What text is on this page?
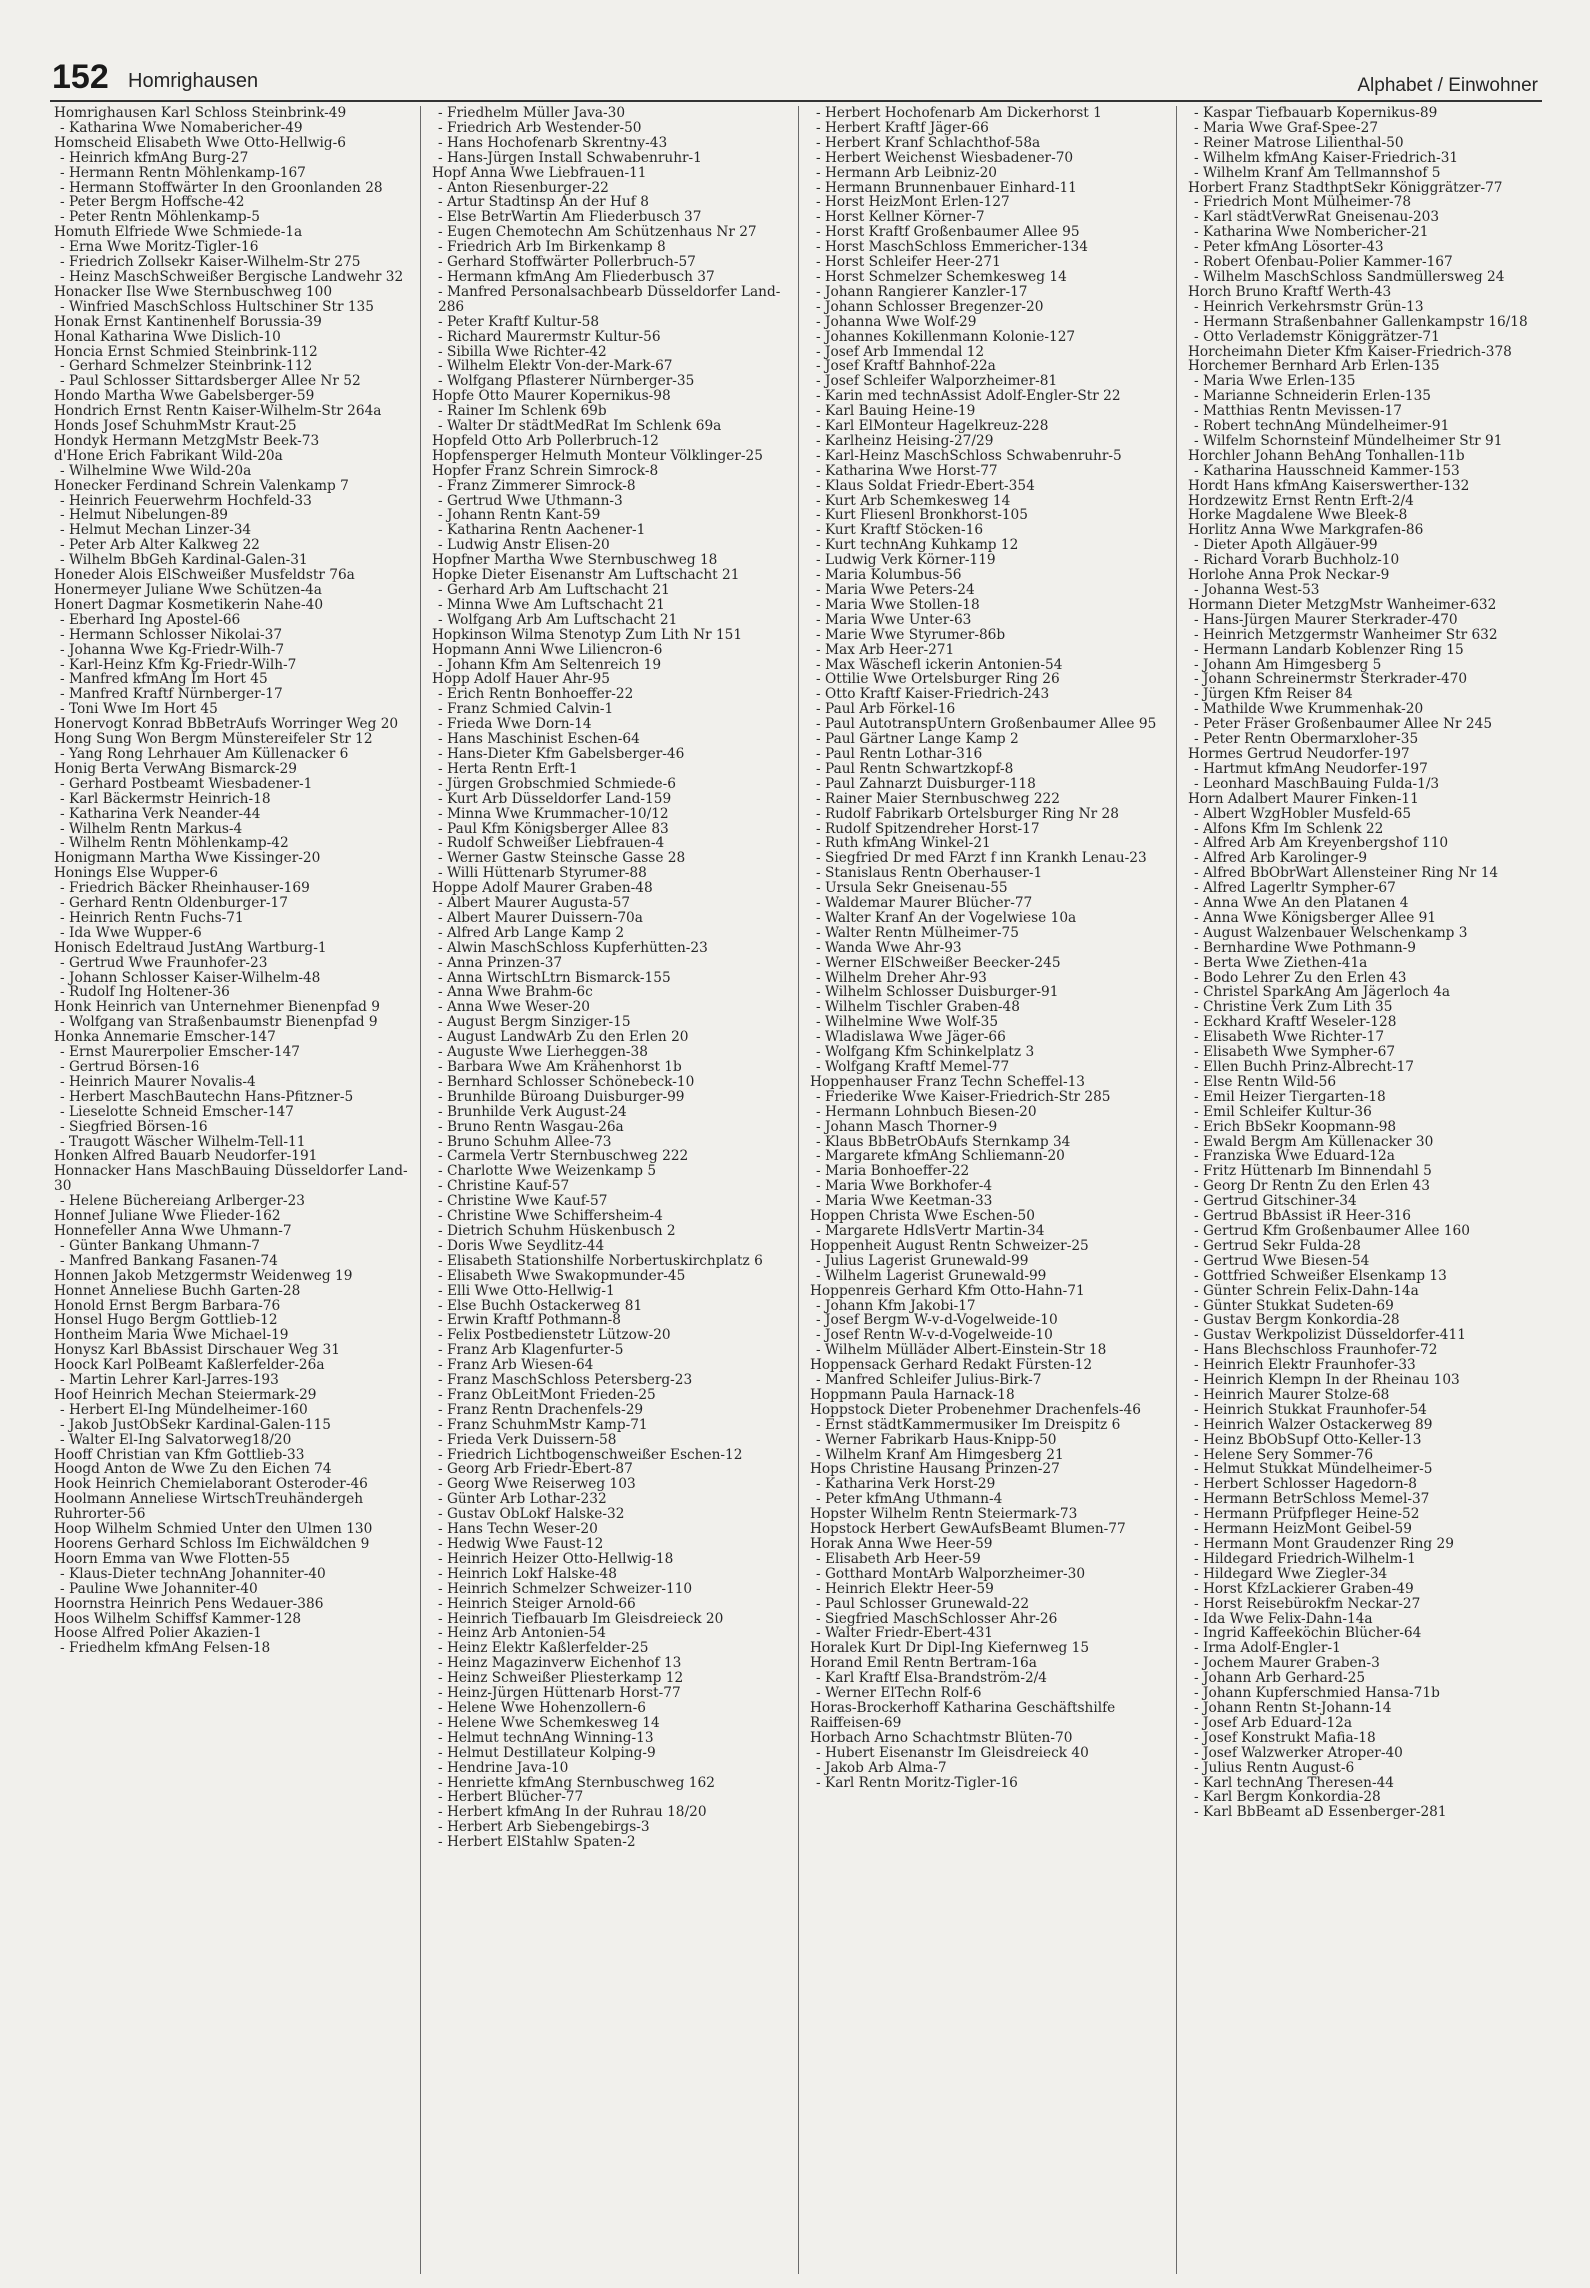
152 Homrighausen	Alphabet / Einwohner
Homrighausen Karl Schloss Steinbrink-49
- Katharina Wwe Nomabericher-49
Homscheid Elisabeth Wwe Otto-Hellwig-6
- Heinrich kfmAng Burg-27
- Hermann Rentn Möhlenkamp-167
- Hermann Stoffwärter In den Groonlanden 28
- Peter Bergm Hoffsche-42
- Peter Rentn Möhlenkamp-5
Homuth Elfriede Wwe Schmiede-1a
- Erna Wwe Moritz-Tigler-16
- Friedrich Zollsekr Kaiser-Wilhelm-Str 275
- Heinz MaschSchweißer Bergische Landwehr 32
Honacker Ilse Wwe Sternbuschweg 100
- Winfried MaschSchloss Hultschiner Str 135
Honak Ernst Kantinenhelf Borussia-39
Honal Katharina Wwe Dislich-10
Honcia Ernst Schmied Steinbrink-112
- Gerhard Schmelzer Steinbrink-112
- Paul Schlosser Sittardsberger Allee Nr 52
Hondo Martha Wwe Gabelsberger-59
Hondrich Ernst Rentn Kaiser-Wilhelm-Str 264a
Honds Josef SchuhmMstr Kraut-25
Hondyk Hermann MetzgMstr Beek-73
d'Hone Erich Fabrikant Wild-20a
- Wilhelmine Wwe Wild-20a
Honecker Ferdinand Schrein Valenkamp 7
- Heinrich Feuerwehrm Hochfeld-33
- Helmut Nibelungen-89
- Helmut Mechan Linzer-34
- Peter Arb Alter Kalkweg 22
- Wilhelm BbGeh Kardinal-Galen-31
Honeder Alois ElSchweißer Musfeldstr 76a
Honermeyer Juliane Wwe Schützen-4a
Honert Dagmar Kosmetikerin Nahe-40
- Eberhard Ing Apostel-66
- Hermann Schlosser Nikolai-37
- Johanna Wwe Kg-Friedr-Wilh-7
- Karl-Heinz Kfm Kg-Friedr-Wilh-7
- Manfred kfmAng Im Hort 45
- Manfred Kraftf Nürnberger-17
- Toni Wwe Im Hort 45
Honervogt Konrad BbBetrAufs Worringer Weg 20
Hong Sung Won Bergm Münstereifeler Str 12
- Yang Rong Lehrhauer Am Küllenacker 6
Honig Berta VerwAng Bismarck-29
- Gerhard Postbeamt Wiesbadener-1
- Karl Bäckermstr Heinrich-18
- Katharina Verk Neander-44
- Wilhelm Rentn Markus-4
- Wilhelm Rentn Möhlenkamp-42
Honigmann Martha Wwe Kissinger-20
Honings Else Wupper-6
- Friedrich Bäcker Rheinhauser-169
- Gerhard Rentn Oldenburger-17
- Heinrich Rentn Fuchs-71
- Ida Wwe Wupper-6
Honisch Edeltraud JustAng Wartburg-1
- Gertrud Wwe Fraunhofer-23
- Johann Schlosser Kaiser-Wilhelm-48
- Rudolf Ing Holtener-36
Honk Heinrich van Unternehmer Bienenpfad 9
- Wolfgang van Straßenbaumstr Bienenpfad 9
Honka Annemarie Emscher-147
- Ernst Maurerpolier Emscher-147
- Gertrud Börsen-16
- Heinrich Maurer Novalis-4
- Herbert MaschBautechn Hans-Pfitzner-5
- Lieselotte Schneid Emscher-147
- Siegfried Börsen-16
- Traugott Wäscher Wilhelm-Tell-11
Honken Alfred Bauarb Neudorfer-191
Honnacker Hans MaschBauing Düsseldorfer Land-30
- Helene Büchereiang Arlberger-23
Honnef Juliane Wwe Flieder-162
Honnefeller Anna Wwe Uhmann-7
- Günter Bankang Uhmann-7
- Manfred Bankang Fasanen-74
Honnen Jakob Metzgermstr Weidenweg 19
Honnet Anneliese Buchh Garten-28
Honold Ernst Bergm Barbara-76
Honsel Hugo Bergm Gottlieb-12
Hontheim Maria Wwe Michael-19
Honysz Karl BbAssist Dirschauer Weg 31
Hoock Karl PolBeamt Kaßlerfelder-26a
- Martin Lehrer Karl-Jarres-193
Hoof Heinrich Mechan Steiermark-29
- Herbert El-Ing Mündelheimer-160
- Jakob JustObSekr Kardinal-Galen-115
- Walter El-Ing Salvatorweg18/20
Hooff Christian van Kfm Gottlieb-33
Hoogd Anton de Wwe Zu den Eichen 74
Hook Heinrich Chemielaborant Osteroder-46
Hoolmann Anneliese WirtschTreuhändergeh Ruhrorter-56
Hoop Wilhelm Schmied Unter den Ulmen 130
Hoorens Gerhard Schloss Im Eichwäldchen 9
Hoorn Emma van Wwe Flotten-55
- Klaus-Dieter technAng Johanniter-40
- Pauline Wwe Johanniter-40
Hoornstra Heinrich Pens Wedauer-386
Hoos Wilhelm Schiffsf Kammer-128
Hoose Alfred Polier Akazien-1
- Friedhelm kfmAng Felsen-18
- Friedhelm Müller Java-30
- Friedrich Arb Westender-50
- Hans Hochofenarb Skrentny-43
- Hans-Jürgen Install Schwabenruhr-1
Hopf Anna Wwe Liebfrauen-11
- Anton Riesenburger-22
- Artur Stadtinsp An der Huf 8
- Else BetrWartin Am Fliederbusch 37
- Eugen Chemotechn Am Schützenhaus Nr 27
- Friedrich Arb Im Birkenkamp 8
- Gerhard Stoffwärter Pollerbruch-57
- Hermann kfmAng Am Fliederbusch 37
- Manfred Personalsachbearb Düsseldorfer Land-286
- Peter Kraftf Kultur-58
- Richard Maurermstr Kultur-56
- Sibilla Wwe Richter-42
- Wilhelm Elektr Von-der-Mark-67
- Wolfgang Pflasterer Nürnberger-35
Hopfe Otto Maurer Kopernikus-98
- Rainer Im Schlenk 69b
- Walter Dr städtMedRat Im Schlenk 69a
Hopfeld Otto Arb Pollerbruch-12
Hopfensperger Helmuth Monteur Völklinger-25
Hopfer Franz Schrein Simrock-8
- Franz Zimmerer Simrock-8
- Gertrud Wwe Uthmann-3
- Johann Rentn Kant-59
- Katharina Rentn Aachener-1
- Ludwig Anstr Elisen-20
Hopfner Martha Wwe Sternbuschweg 18
Hopke Dieter Eisenanstr Am Luftschacht 21
- Gerhard Arb Am Luftschacht 21
- Minna Wwe Am Luftschacht 21
- Wolfgang Arb Am Luftschacht 21
Hopkinson Wilma Stenotyp Zum Lith Nr 151
Hopmann Anni Wwe Liliencron-6
- Johann Kfm Am Seltenreich 19
Hopp Adolf Hauer Ahr-95
- Erich Rentn Bonhoeffer-22
- Franz Schmied Calvin-1
- Frieda Wwe Dorn-14
- Hans Maschinist Eschen-64
- Hans-Dieter Kfm Gabelsberger-46
- Herta Rentn Erft-1
- Jürgen Grobschmied Schmiede-6
- Kurt Arb Düsseldorfer Land-159
- Minna Wwe Krummacher-10/12
- Paul Kfm Königsberger Allee 83
- Rudolf Schweißer Liebfrauen-4
- Werner Gastw Steinsche Gasse 28
- Willi Hüttenarb Styrumer-88
Hoppe Adolf Maurer Graben-48
- Albert Maurer Augusta-57
- Albert Maurer Duissern-70a
- Alfred Arb Lange Kamp 2
- Alwin MaschSchloss Kupferhütten-23
- Anna Prinzen-37
- Anna WirtschLtrn Bismarck-155
- Anna Wwe Brahm-6c
- Anna Wwe Weser-20
- August Bergm Sinziger-15
- August LandwArb Zu den Erlen 20
- Auguste Wwe Lierheggen-38
- Barbara Wwe Am Krähenhorst 1b
- Bernhard Schlosser Schönebeck-10
- Brunhilde Büroang Duisburger-99
- Brunhilde Verk August-24
- Bruno Rentn Wasgau-26a
- Bruno Schuhm Allee-73
- Carmela Vertr Sternbuschweg 222
- Charlotte Wwe Weizenkamp 5
- Christine Kauf-57
- Christine Wwe Kauf-57
- Christine Wwe Schiffersheim-4
- Dietrich Schuhm Hüskenbusch 2
- Doris Wwe Seydlitz-44
- Elisabeth Stationshilfe Norbertuskirchplatz 6
- Elisabeth Wwe Swakopmunder-45
- Elli Wwe Otto-Hellwig-1
- Else Buchh Ostackerweg 81
- Erwin Kraftf Pothmann-8
- Felix Postbedienstetr Lützow-20
- Franz Arb Klagenfurter-5
- Franz Arb Wiesen-64
- Franz MaschSchloss Petersberg-23
- Franz ObLeitMont Frieden-25
- Franz Rentn Drachenfels-29
- Franz SchuhmMstr Kamp-71
- Frieda Verk Duissern-58
- Friedrich Lichtbogenschweißer Eschen-12
- Georg Arb Friedr-Ebert-87
- Georg Wwe Reiserweg 103
- Günter Arb Lothar-232
- Gustav ObLokf Halske-32
- Hans Techn Weser-20
- Hedwig Wwe Faust-12
- Heinrich Heizer Otto-Hellwig-18
- Heinrich Lokf Halske-48
- Heinrich Schmelzer Schweizer-110
- Heinrich Steiger Arnold-66
- Heinrich Tiefbauarb Im Gleisdreieck 20
- Heinz Arb Antonien-54
- Heinz Elektr Kaßlerfelder-25
- Heinz Magazinverw Eichenhof 13
- Heinz Schweißer Pliesterkamp 12
- Heinz-Jürgen Hüttenarb Horst-77
- Helene Wwe Hohenzollern-6
- Helene Wwe Schemkesweg 14
- Helmut technAng Winning-13
- Helmut Destillateur Kolping-9
- Hendrine Java-10
- Henriette kfmAng Sternbuschweg 162
- Herbert Blücher-77
- Herbert kfmAng In der Ruhrau 18/20
- Herbert Arb Siebengebirgs-3
- Herbert ElStahlw Spaten-2
- Herbert Hochofenarb Am Dickerhorst 1
- Herbert Kraftf Jäger-66
- Herbert Kranf Schlachthof-58a
- Herbert Weichenst Wiesbadener-70
- Hermann Arb Leibniz-20
- Hermann Brunnenbauer Einhard-11
- Horst HeizMont Erlen-127
- Horst Kellner Körner-7
- Horst Kraftf Großenbaumer Allee 95
- Horst MaschSchloss Emmericher-134
- Horst Schleifer Heer-271
- Horst Schmelzer Schemkesweg 14
- Johann Rangierer Kanzler-17
- Johann Schlosser Bregenzer-20
- Johanna Wwe Wolf-29
- Johannes Kokillenmann Kolonie-127
- Josef Arb Immendal 12
- Josef Kraftf Bahnhof-22a
- Josef Schleifer Walporzheimer-81
- Karin med technAssist Adolf-Engler-Str 22
- Karl Bauing Heine-19
- Karl ElMonteur Hagelkreuz-228
- Karlheinz Heising-27/29
- Karl-Heinz MaschSchloss Schwabenruhr-5
- Katharina Wwe Horst-77
- Klaus Soldat Friedr-Ebert-354
- Kurt Arb Schemkesweg 14
- Kurt Fliesenl Bronkhorst-105
- Kurt Kraftf Stöcken-16
- Kurt technAng Kuhkamp 12
- Ludwig Verk Körner-119
- Maria Kolumbus-56
- Maria Wwe Peters-24
- Maria Wwe Stollen-18
- Maria Wwe Unter-63
- Marie Wwe Styrumer-86b
- Max Arb Heer-271
- Max Wäschefl ickerin Antonien-54
- Ottilie Wwe Ortelsburger Ring 26
- Otto Kraftf Kaiser-Friedrich-243
- Paul Arb Förkel-16
- Paul AutotranspUntern Großenbaumer Allee 95
- Paul Gärtner Lange Kamp 2
- Paul Rentn Lothar-316
- Paul Rentn Schwartzkopf-8
- Paul Zahnarzt Duisburger-118
- Rainer Maier Sternbuschweg 222
- Rudolf Fabrikarb Ortelsburger Ring Nr 28
- Rudolf Spitzendreher Horst-17
- Ruth kfmAng Winkel-21
- Siegfried Dr med FArzt f inn Krankh Lenau-23
- Stanislaus Rentn Oberhauser-1
- Ursula Sekr Gneisenau-55
- Waldemar Maurer Blücher-77
- Walter Kranf An der Vogelwiese 10a
- Walter Rentn Mülheimer-75
- Wanda Wwe Ahr-93
- Werner ElSchweißer Beecker-245
- Wilhelm Dreher Ahr-93
- Wilhelm Schlosser Duisburger-91
- Wilhelm Tischler Graben-48
- Wilhelmine Wwe Wolf-35
- Wladislawa Wwe Jäger-66
- Wolfgang Kfm Schinkelplatz 3
- Wolfgang Kraftf Memel-77
Hoppenhauser Franz Techn Scheffel-13
- Friederike Wwe Kaiser-Friedrich-Str 285
- Hermann Lohnbuch Biesen-20
- Johann Masch Thorner-9
- Klaus BbBetrObAufs Sternkamp 34
- Margarete kfmAng Schliemann-20
- Maria Bonhoeffer-22
- Maria Wwe Borkhofer-4
- Maria Wwe Keetman-33
Hoppen Christa Wwe Eschen-50
- Margarete HdlsVertr Martin-34
Hoppenheit August Rentn Schweizer-25
- Julius Lagerist Grunewald-99
- Wilhelm Lagerist Grunewald-99
Hoppenreis Gerhard Kfm Otto-Hahn-71
- Johann Kfm Jakobi-17
- Josef Bergm W-v-d-Vogelweide-10
- Josef Rentn W-v-d-Vogelweide-10
- Wilhelm Mülläder Albert-Einstein-Str 18
Hoppensack Gerhard Redakt Fürsten-12
- Manfred Schleifer Julius-Birk-7
Hoppmann Paula Harnack-18
Hoppstock Dieter Probenehmer Drachenfels-46
- Ernst städtKammermusiker Im Dreispitz 6
- Werner Fabrikarb Haus-Knipp-50
- Wilhelm Kranf Am Himgesberg 21
Hops Christine Hausang Prinzen-27
- Katharina Verk Horst-29
- Peter kfmAng Uthmann-4
Hopster Wilhelm Rentn Steiermark-73
Hopstock Herbert GewAufsBeamt Blumen-77
Horak Anna Wwe Heer-59
- Elisabeth Arb Heer-59
- Gotthard MontArb Walporzheimer-30
- Heinrich Elektr Heer-59
- Paul Schlosser Grunewald-22
- Siegfried MaschSchlosser Ahr-26
- Walter Friedr-Ebert-431
Horalek Kurt Dr Dipl-Ing Kiefernweg 15
Horand Emil Rentn Bertram-16a
- Karl Kraftf Elsa-Brandström-2/4
- Werner ElTechn Rolf-6
Horas-Brockerhoff Katharina Geschäftshilfe Raiffeisen-69
Horbach Arno Schachtmstr Blüten-70
- Hubert Eisenanstr Im Gleisdreieck 40
- Jakob Arb Alma-7
- Karl Rentn Moritz-Tigler-16
- Kaspar Tiefbauarb Kopernikus-89
- Maria Wwe Graf-Spee-27
- Reiner Matrose Lilienthal-50
- Wilhelm kfmAng Kaiser-Friedrich-31
- Wilhelm Kranf Am Tellmannshof 5
Horbert Franz StadthptSekr Königgrätzer-77
- Friedrich Mont Mülheimer-78
- Karl städtVerwRat Gneisenau-203
- Katharina Wwe Nombericher-21
- Peter kfmAng Lösorter-43
- Robert Ofenbau-Polier Kammer-167
- Wilhelm MaschSchloss Sandmüllersweg 24
Horch Bruno Kraftf Werth-43
- Heinrich Verkehrsmstr Grün-13
- Hermann Straßenbahner Gallenkampstr 16/18
- Otto Verlademstr Königgrätzer-71
Horcheimahn Dieter Kfm Kaiser-Friedrich-378
Horchemer Bernhard Arb Erlen-135
- Maria Wwe Erlen-135
- Marianne Schneiderin Erlen-135
- Matthias Rentn Mevissen-17
- Robert technAng Mündelheimer-91
- Wilfelm Schornsteinf Mündelheimer Str 91
Horchler Johann BehAng Tonhallen-11b
- Katharina Hausschneid Kammer-153
Hordt Hans kfmAng Kaiserswerther-132
Hordzewitz Ernst Rentn Erft-2/4
Horke Magdalene Wwe Bleek-8
Horlitz Anna Wwe Markgrafen-86
- Dieter Apoth Allgäuer-99
- Richard Vorarb Buchholz-10
Horlohe Anna Prok Neckar-9
- Johanna West-53
Hormann Dieter MetzgMstr Wanheimer-632
- Hans-Jürgen Maurer Sterkrader-470
- Heinrich Metzgermstr Wanheimer Str 632
- Hermann Landarb Koblenzer Ring 15
- Johann Am Himgesberg 5
- Johann Schreinermstr Sterkrader-470
- Jürgen Kfm Reiser 84
- Mathilde Wwe Krummenhak-20
- Peter Fräser Großenbaumer Allee Nr 245
- Peter Rentn Obermarxloher-35
Hormes Gertrud Neudorfer-197
- Hartmut kfmAng Neudorfer-197
- Leonhard MaschBauing Fulda-1/3
Horn Adalbert Maurer Finken-11
- Albert WzgHobler Musfeld-65
- Alfons Kfm Im Schlenk 22
- Alfred Arb Am Kreyenbergshof 110
- Alfred Arb Karolinger-9
- Alfred BbObrWart Allensteiner Ring Nr 14
- Alfred Lagerltr Sympher-67
- Anna Wwe An den Platanen 4
- Anna Wwe Königsberger Allee 91
- August Walzenbauer Welschenkamp 3
- Bernhardine Wwe Pothmann-9
- Berta Wwe Ziethen-41a
- Bodo Lehrer Zu den Erlen 43
- Christel SparkAng Am Jägerloch 4a
- Christine Verk Zum Lith 35
- Eckhard Kraftf Weseler-128
- Elisabeth Wwe Richter-17
- Elisabeth Wwe Sympher-67
- Ellen Buchh Prinz-Albrecht-17
- Else Rentn Wild-56
- Emil Heizer Tiergarten-18
- Emil Schleifer Kultur-36
- Erich BbSekr Koopmann-98
- Ewald Bergm Am Küllenacker 30
- Franziska Wwe Eduard-12a
- Fritz Hüttenarb Im Binnendahl 5
- Georg Dr Rentn Zu den Erlen 43
- Gertrud Gitschiner-34
- Gertrud BbAssist iR Heer-316
- Gertrud Kfm Großenbaumer Allee 160
- Gertrud Sekr Fulda-28
- Gertrud Wwe Biesen-54
- Gottfried Schweißer Elsenkamp 13
- Günter Schrein Felix-Dahn-14a
- Günter Stukkat Sudeten-69
- Gustav Bergm Konkordia-28
- Gustav Werkpolizist Düsseldorfer-411
- Hans Blechschloss Fraunhofer-72
- Heinrich Elektr Fraunhofer-33
- Heinrich Klempn In der Rheinau 103
- Heinrich Maurer Stolze-68
- Heinrich Stukkat Fraunhofer-54
- Heinrich Walzer Ostackerweg 89
- Heinz BbObSupf Otto-Keller-13
- Helene Sery Sommer-76
- Helmut Stukkat Mündelheimer-5
- Herbert Schlosser Hagedorn-8
- Hermann BetrSchloss Memel-37
- Hermann Prüfpfleger Heine-52
- Hermann HeizMont Geibel-59
- Hermann Mont Graudenzer Ring 29
- Hildegard Friedrich-Wilhelm-1
- Hildegard Wwe Ziegler-34
- Horst KfzLackierer Graben-49
- Horst Reisebürokfm Neckar-27
- Ida Wwe Felix-Dahn-14a
- Ingrid Kaffeeköchin Blücher-64
- Irma Adolf-Engler-1
- Jochem Maurer Graben-3
- Johann Arb Gerhard-25
- Johann Kupferschmied Hansa-71b
- Johann Rentn St-Johann-14
- Josef Arb Eduard-12a
- Josef Konstrukt Mafia-18
- Josef Walzwerker Atroper-40
- Julius Rentn August-6
- Karl technAng Theresen-44
- Karl Bergm Konkordia-28
- Karl BbBeamt aD Essenberger-281
